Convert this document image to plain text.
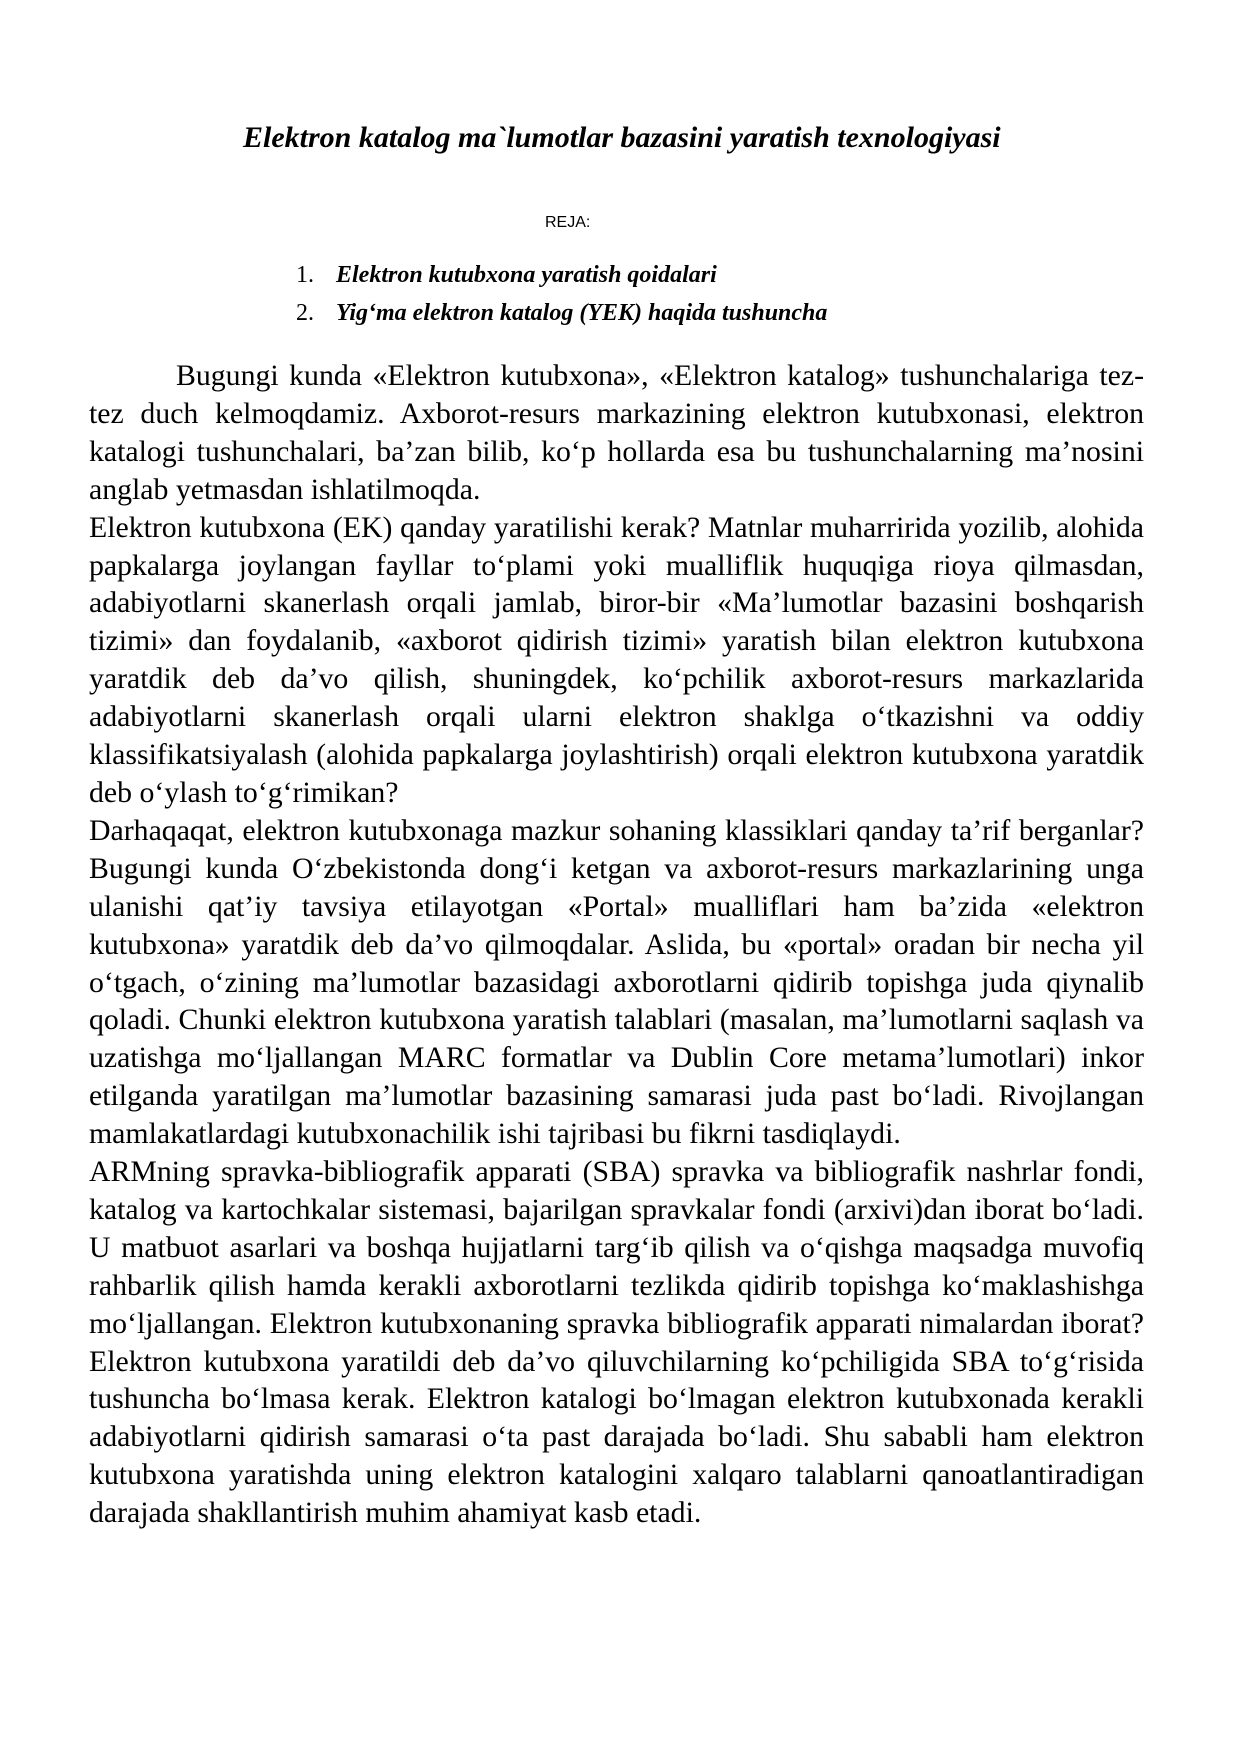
Elektron katalog ma`lumotlar bazasini yaratish texnologiyasi
REJA:
1. Elektron kutubxona yaratish qoidalari
2. Yig‘ma elektron katalog (YEK) haqida tushuncha

Bugungi kunda «Elektron kutubxona», «Elektron katalog» tushunchalariga tez-tez duch kelmoqdamiz. Axborot-resurs markazining elektron kutubxonasi, elektron katalogi tushunchalari, ba’zan bilib, ko‘p hollarda esa bu tushunchalarning ma’nosini anglab yetmasdan ishlatilmoqda.

Elektron kutubxona (EK) qanday yaratilishi kerak? Matnlar muharririda yozilib, alohida papkalarga joylangan fayllar to‘plami yoki mualliflik huquqiga rioya qilmasdan, adabiyotlarni skanerlash orqali jamlab, biror-bir «Ma’lumotlar bazasini boshqarish tizimi» dan foydalanib, «axborot qidirish tizimi» yaratish bilan elektron kutubxona yaratdik deb da’vo qilish, shuningdek, ko‘pchilik axborot-resurs markazlarida adabiyotlarni skanerlash orqali ularni elektron shaklga o‘tkazishni va oddiy klassifikatsiyalash (alohida papkalarga joylashtirish) orqali elektron kutubxona yaratdik deb o‘ylash to‘g‘rimikan?

Darhaqaqat, elektron kutubxonaga mazkur sohaning klassiklari qanday ta’rif berganlar? Bugungi kunda O‘zbekistonda dong‘i ketgan va axborot-resurs markazlarining unga ulanishi qat’iy tavsiya etilayotgan «Portal» mualliflari ham ba’zida «elektron kutubxona» yaratdik deb da’vo qilmoqdalar. Aslida, bu «portal» oradan bir necha yil o‘tgach, o‘zining ma’lumotlar bazasidagi axborotlarni qidirib topishga juda qiynalib qoladi. Chunki elektron kutubxona yaratish talablari (masalan, ma’lumotlarni saqlash va uzatishga mo‘ljallangan MARC formatlar va Dublin Core metama’lumotlari) inkor etilganda yaratilgan ma’lumotlar bazasining samarasi juda past bo‘ladi. Rivojlangan mamlakatlardagi kutubxonachilik ishi tajribasi bu fikrni tasdiqlaydi.

ARMning spravka-bibliografik apparati (SBA) spravka va bibliografik nashrlar fondi, katalog va kartochkalar sistemasi, bajarilgan spravkalar fondi (arxivi)dan iborat bo‘ladi. U matbuot asarlari va boshqa hujjatlarni targ‘ib qilish va o‘qishga maqsadga muvofiq rahbarlik qilish hamda kerakli axborotlarni tezlikda qidirib topishga ko‘maklashishga mo‘ljallangan. Elektron kutubxonaning spravka bibliografik apparati nimalardan iborat? Elektron kutubxona yaratildi deb da’vo qiluvchilarning ko‘pchiligida SBA to‘g‘risida tushuncha bo‘lmasa kerak. Elektron katalogi bo‘lmagan elektron kutubxonada kerakli adabiyotlarni qidirish samarasi o‘ta past darajada bo‘ladi. Shu sababli ham elektron kutubxona yaratishda uning elektron katalogini xalqaro talablarni qanoatlantiradigan darajada shakllantirish muhim ahamiyat kasb etadi.
